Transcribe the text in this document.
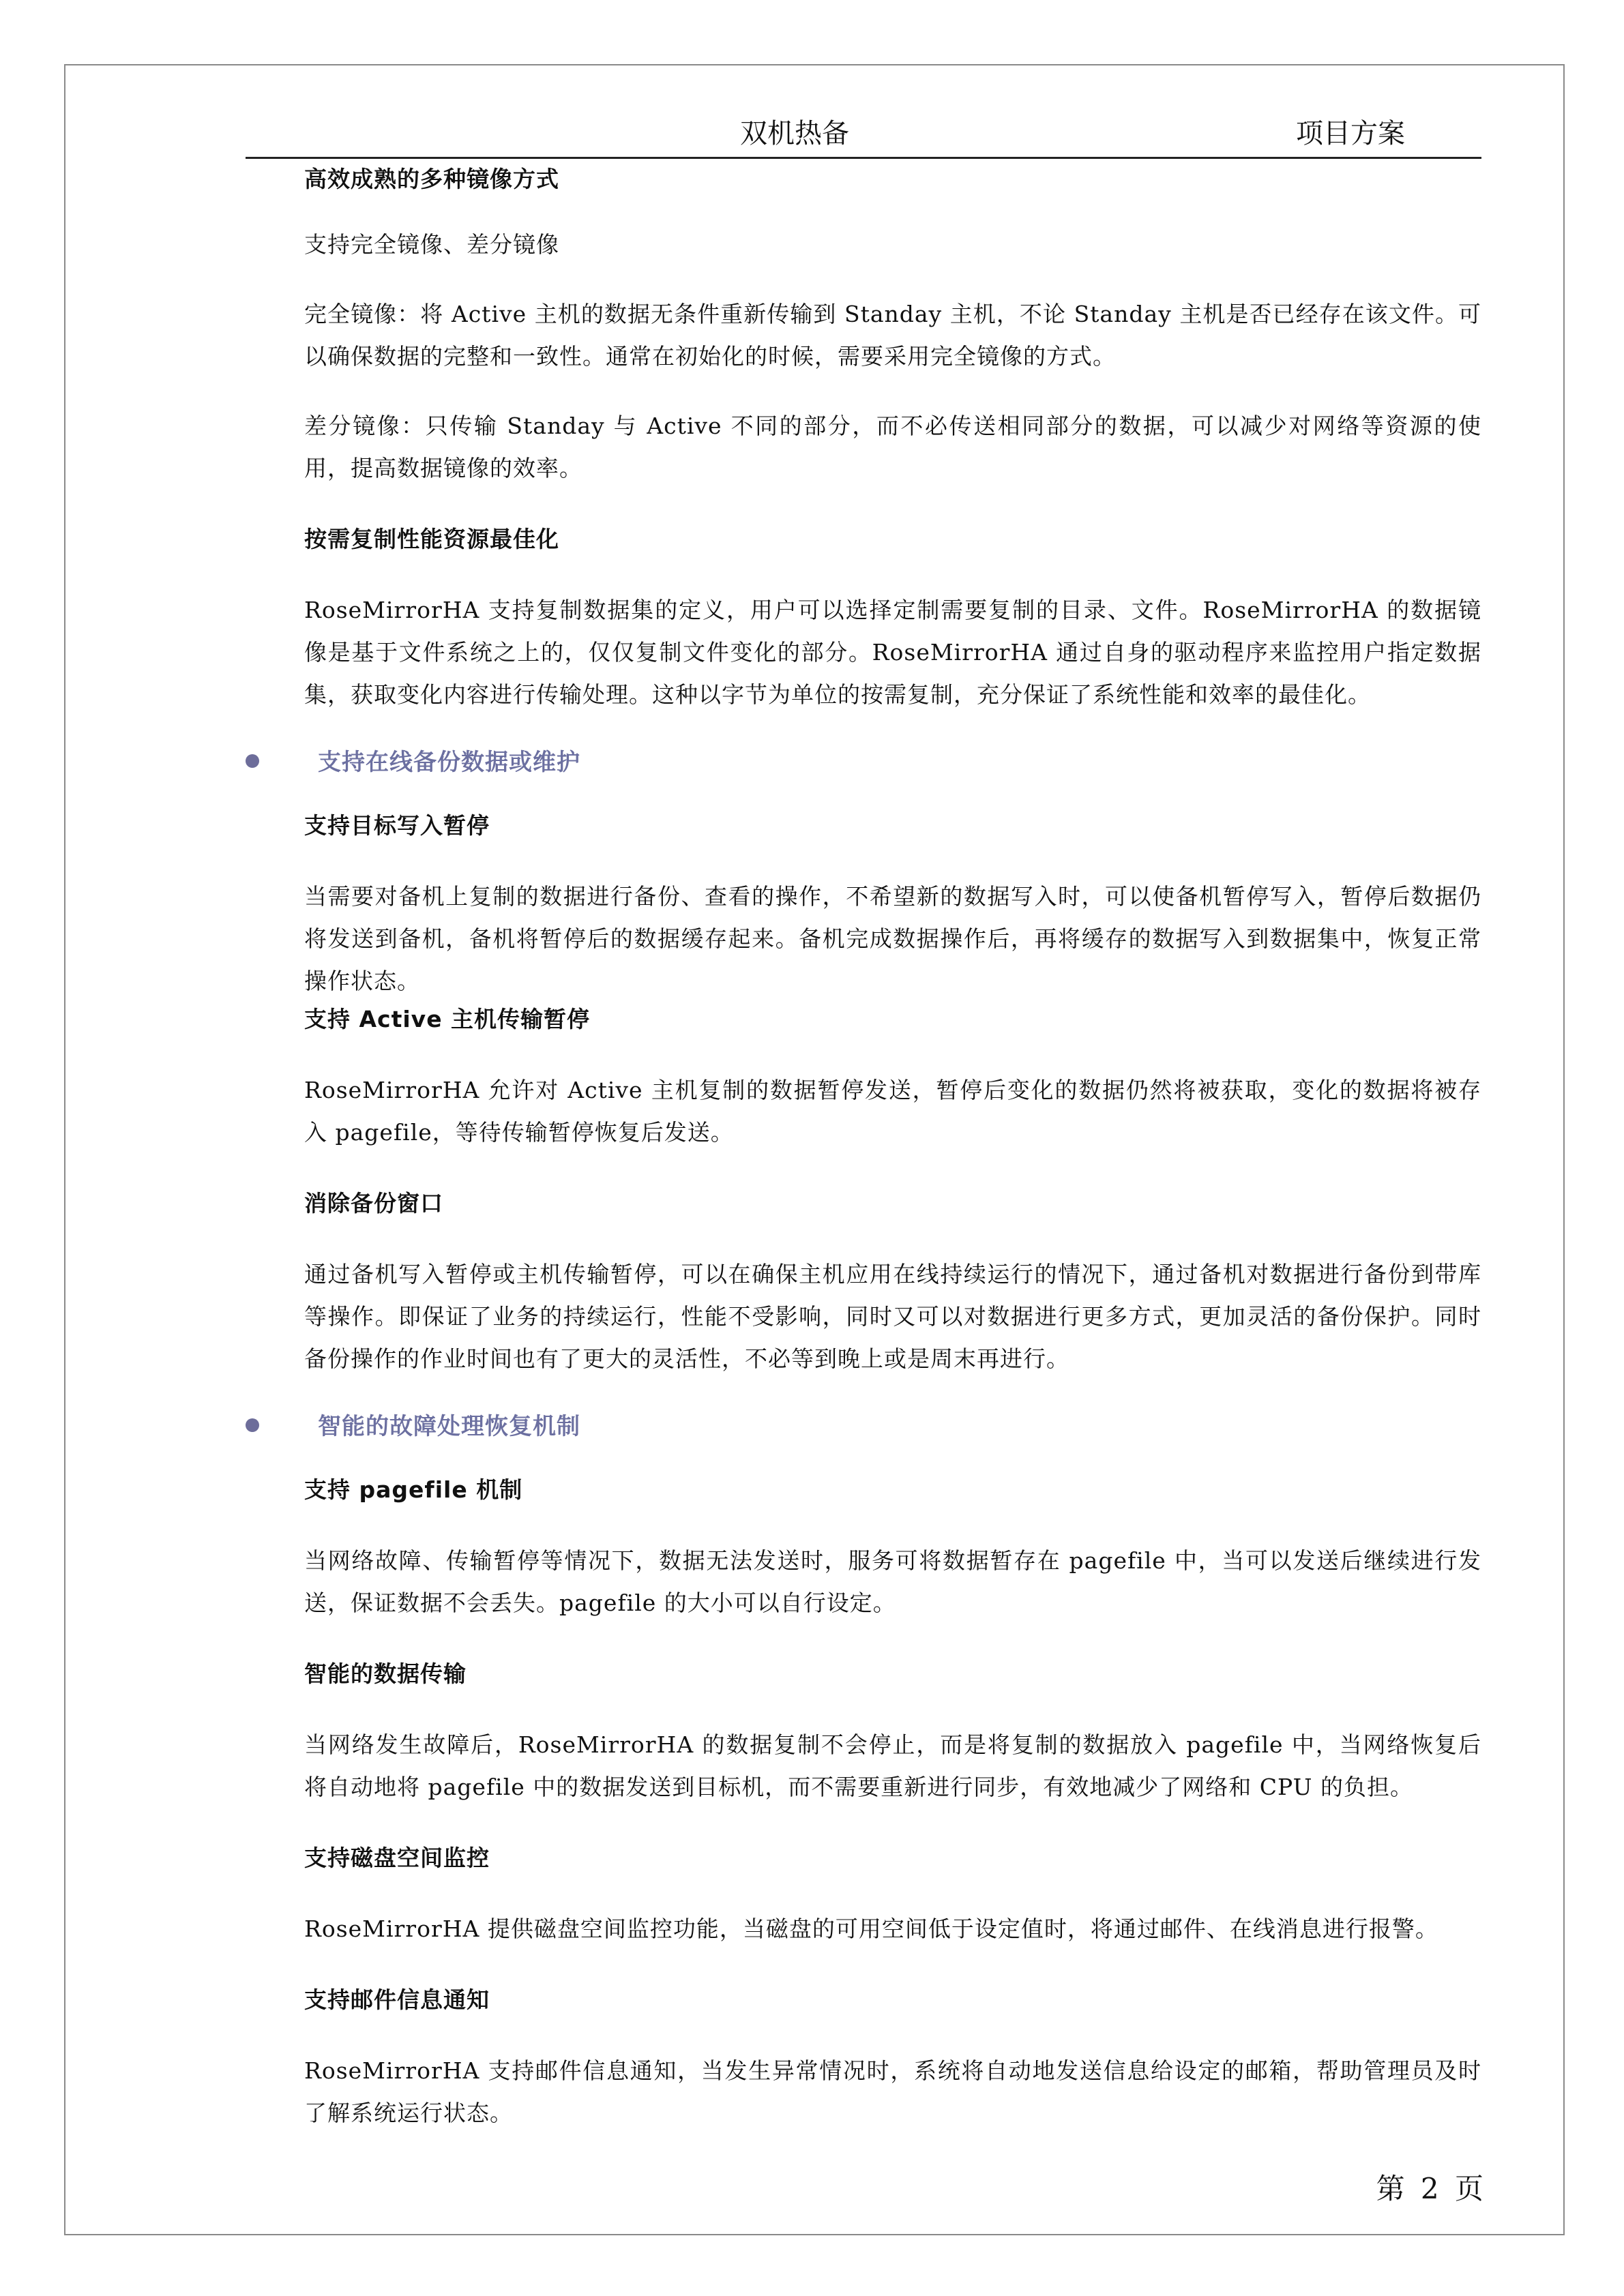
双机热备	项目方案

高效成熟的多种镜像方式

支持完全镜像、差分镜像

完全镜像：将 Active 主机的数据无条件重新传输到 Standay 主机，不论 Standay 主机是否已经存在该文件。可以确保数据的完整和一致性。通常在初始化的时候，需要采用完全镜像的方式。

差分镜像：只传输 Standay 与 Active 不同的部分，而不必传送相同部分的数据，可以减少对网络等资源的使用，提高数据镜像的效率。

按需复制性能资源最佳化

RoseMirrorHA 支持复制数据集的定义，用户可以选择定制需要复制的目录、文件。RoseMirrorHA 的数据镜像是基于文件系统之上的，仅仅复制文件变化的部分。RoseMirrorHA 通过自身的驱动程序来监控用户指定数据集，获取变化内容进行传输处理。这种以字节为单位的按需复制，充分保证了系统性能和效率的最佳化。

支持在线备份数据或维护

支持目标写入暂停

当需要对备机上复制的数据进行备份、查看的操作，不希望新的数据写入时，可以使备机暂停写入，暂停后数据仍将发送到备机，备机将暂停后的数据缓存起来。备机完成数据操作后，再将缓存的数据写入到数据集中，恢复正常操作状态。

支持 Active 主机传输暂停

RoseMirrorHA 允许对 Active 主机复制的数据暂停发送，暂停后变化的数据仍然将被获取，变化的数据将被存入 pagefile，等待传输暂停恢复后发送。

消除备份窗口

通过备机写入暂停或主机传输暂停，可以在确保主机应用在线持续运行的情况下，通过备机对数据进行备份到带库等操作。即保证了业务的持续运行，性能不受影响，同时又可以对数据进行更多方式，更加灵活的备份保护。同时备份操作的作业时间也有了更大的灵活性，不必等到晚上或是周末再进行。

智能的故障处理恢复机制

支持 pagefile 机制

当网络故障、传输暂停等情况下，数据无法发送时，服务可将数据暂存在 pagefile 中，当可以发送后继续进行发送，保证数据不会丢失。pagefile 的大小可以自行设定。

智能的数据传输

当网络发生故障后，RoseMirrorHA 的数据复制不会停止，而是将复制的数据放入 pagefile 中，当网络恢复后将自动地将 pagefile 中的数据发送到目标机，而不需要重新进行同步，有效地减少了网络和 CPU 的负担。

支持磁盘空间监控

RoseMirrorHA 提供磁盘空间监控功能，当磁盘的可用空间低于设定值时，将通过邮件、在线消息进行报警。

支持邮件信息通知

RoseMirrorHA 支持邮件信息通知，当发生异常情况时，系统将自动地发送信息给设定的邮箱，帮助管理员及时了解系统运行状态。

第 2 页
